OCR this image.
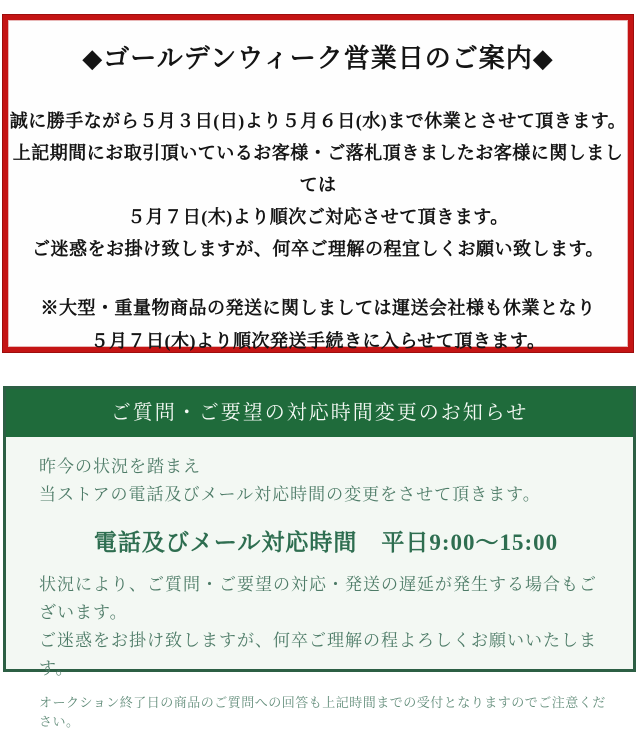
◆ゴールデンウィーク営業日のご案内◆

誠に勝手ながら５月３日(日)より５月６日(水)まで休業とさせて頂きます。

上記期間にお取引頂いているお客様・ご落札頂きましたお客様に関しましては

５月７日(木)より順次ご対応させて頂きます。

ご迷惑をお掛け致しますが、何卒ご理解の程宜しくお願い致します。

※大型・重量物商品の発送に関しましては運送会社様も休業となり

５月７日(木)より順次発送手続きに入らせて頂きます。

ご質問・ご要望の対応時間変更のお知らせ

昨今の状況を踏まえ

当ストアの電話及びメール対応時間の変更をさせて頂きます。

電話及びメール対応時間　平日9:00～15:00

状況により、ご質問・ご要望の対応・発送の遅延が発生する場合もございます。

ご迷惑をお掛け致しますが、何卒ご理解の程よろしくお願いいたします。

オークション終了日の商品のご質問への回答も上記時間までの受付となりますのでご注意ください。
